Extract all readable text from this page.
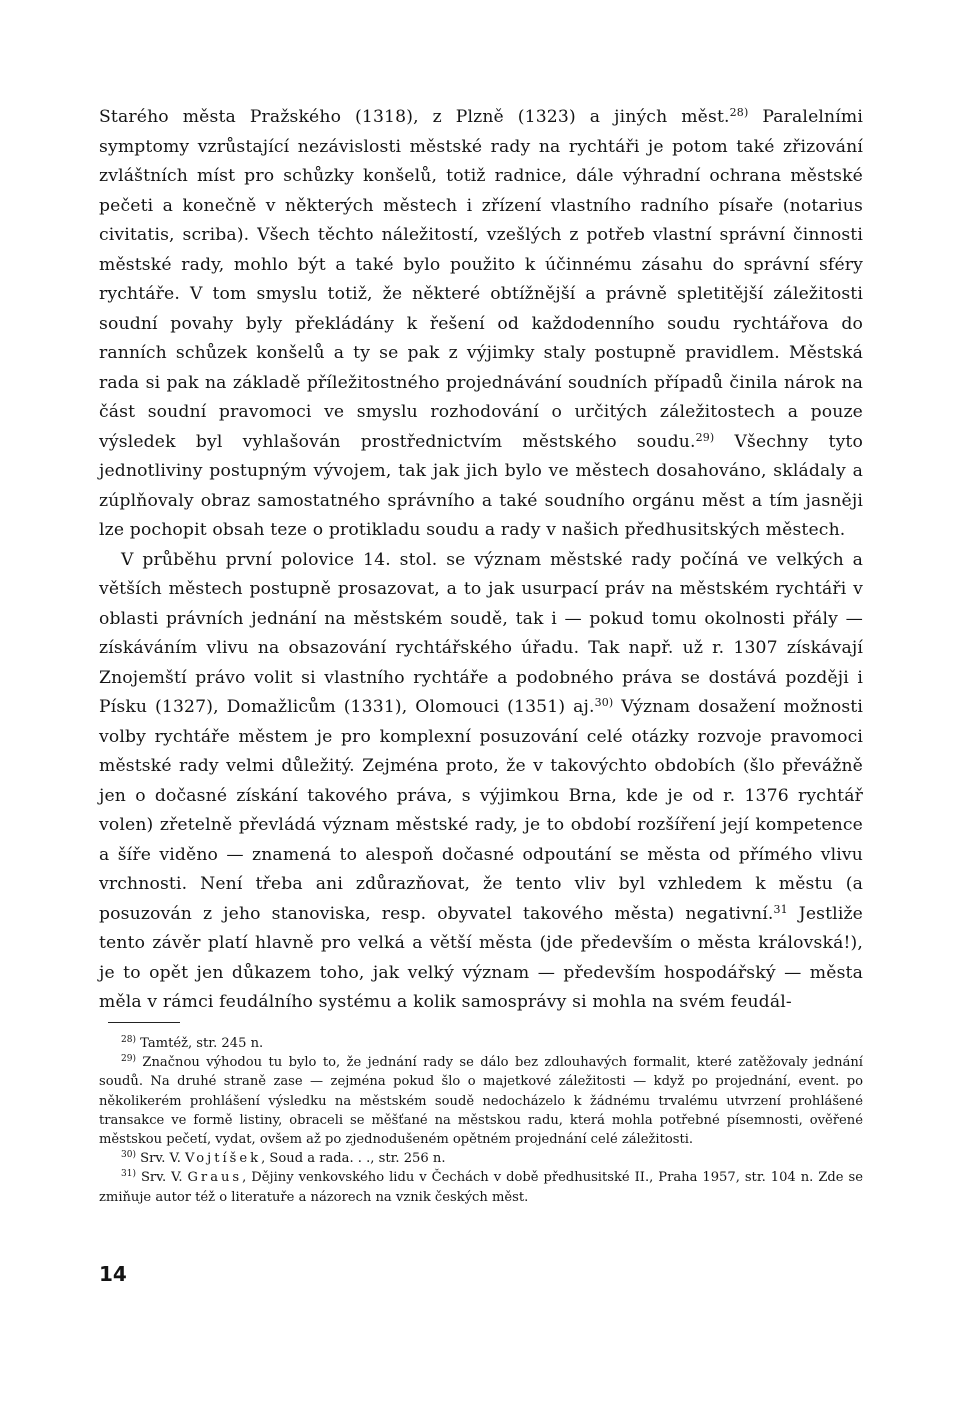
Starého města Pražského (1318), z Plzně (1323) a jiných měst.$^{28)}$ Paralelními symptomy vzrůstající nezávislosti městské rady na rychtáři je potom také zřizování zvláštních míst pro schůzky konšelů, totiž radnice, dále výhradní ochrana městské pečeti a konečně v některých městech i zřízení vlastního radního písaře (notarius civitatis, scriba). Všech těchto náležitostí, vzešlých z potřeb vlastní správní činnosti městské rady, mohlo být a také bylo použito k účinnému zásahu do správní sféry rychtáře. V tom smyslu totiž, že některé obtížnější a právně spletitější záležitosti soudní povahy byly překládány k řešení od každodenního soudu rychtářova do ranních schůzek konšelů a ty se pak z výjimky staly postupně pravidlem. Městská rada si pak na základě příležitostného projednávání soudních případů činila nárok na část soudní pravomoci ve smyslu rozhodování o určitých záležitostech a pouze výsledek byl vyhlašován prostřednictvím městského soudu.$^{29)}$ Všechny tyto jednotliviny postupným vývojem, tak jak jich bylo ve městech dosahováno, skládaly a zúplňovaly obraz samostatného správního a také soudního orgánu měst a tím jasněji lze pochopit obsah teze o protikladu soudu a rady v našich předhusitských městech.

V průběhu první polovice 14. stol. se význam městské rady počíná ve velkých a větších městech postupně prosazovat, a to jak usurpací práv na městském rychtáři v oblasti právních jednání na městském soudě, tak i — pokud tomu okolnosti přály — získáváním vlivu na obsazování rychtářského úřadu. Tak např. už r. 1307 získávají Znojemští právo volit si vlastního rychtáře a podobného práva se dostává později i Písku (1327), Domažlicům (1331), Olomouci (1351) aj.$^{30)}$ Význam dosažení možnosti volby rychtáře městem je pro komplexní posuzování celé otázky rozvoje pravomoci městské rady velmi důležitý. Zejména proto, že v takovýchto obdobích (šlo převážně jen o dočasné získání takového práva, s výjimkou Brna, kde je od r. 1376 rychtář volen) zřetelně převládá význam městské rady, je to období rozšíření její kompetence a šíře viděno — znamená to alespoň dočasné odpoutání se města od přímého vlivu vrchnosti. Není třeba ani zdůrazňovat, že tento vliv byl vzhledem k městu (a posuzován z jeho stanoviska, resp. obyvatel takového města) negativní.$^{31}$ Jestliže tento závěr platí hlavně pro velká a větší města (jde především o města královská!), je to opět jen důkazem toho, jak velký význam — především hospodářský — města měla v rámci feudálního systému a kolik samosprávy si mohla na svém feudál-

$^{28)}$ Tamtéž, str. 245 n.

$^{29)}$ Značnou výhodou tu bylo to, že jednání rady se dálo bez zdlouhavých formalit, které zatěžovaly jednání soudů. Na druhé straně zase — zejména pokud šlo o majetkové záležitosti — když po projednání, event. po několikerém prohlášení výsledku na městském soudě nedocházelo k žádnému trvalému utvrzení prohlášené transakce ve formě listiny, obraceli se měšťané na městskou radu, která mohla potřebné písemnosti, ověřené městskou pečetí, vydat, ovšem až po zjednodušeném opětném projednání celé záležitosti.

$^{30)}$ Srv. V. Vojtíšek, Soud a rada. . ., str. 256 n.

$^{31)}$ Srv. V. Graus, Dějiny venkovského lidu v Čechách v době předhusitské II., Praha 1957, str. 104 n. Zde se zmiňuje autor též o literatuře a názorech na vznik českých měst.

14
